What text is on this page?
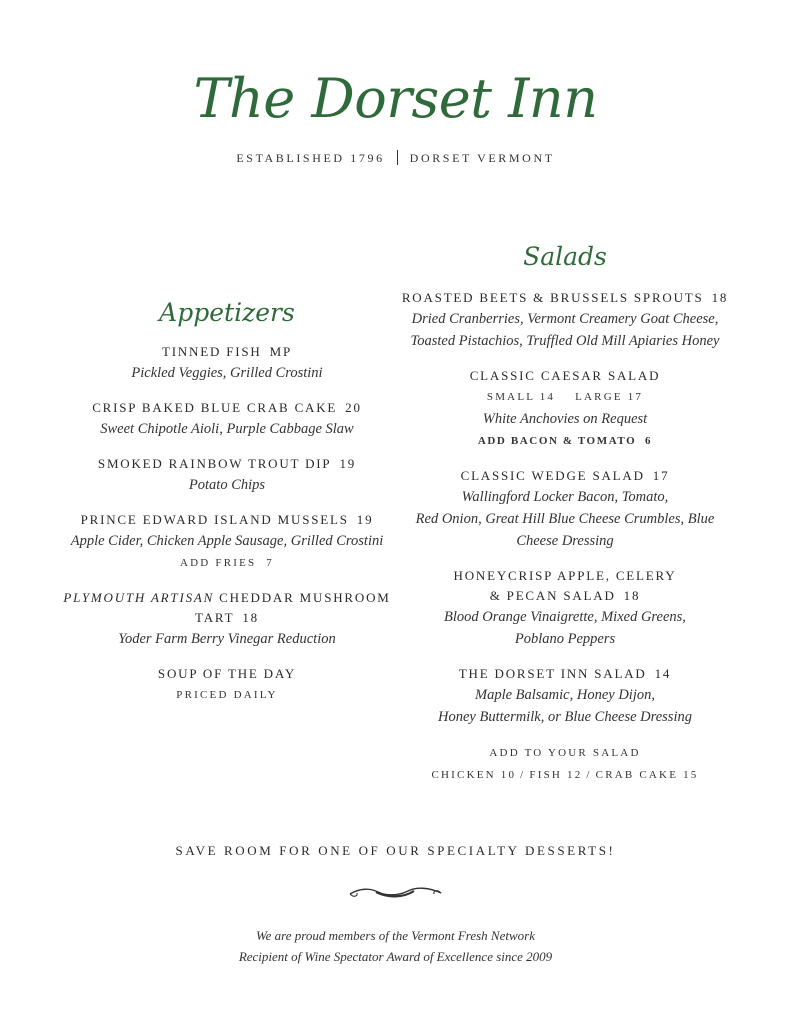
The Dorset Inn
ESTABLISHED 1796 DORSET VERMONT
Appetizers
TINNED FISH MP
Pickled Veggies, Grilled Crostini
CRISP BAKED BLUE CRAB CAKE 20
Sweet Chipotle Aioli, Purple Cabbage Slaw
SMOKED RAINBOW TROUT DIP 19
Potato Chips
PRINCE EDWARD ISLAND MUSSELS 19
Apple Cider, Chicken Apple Sausage, Grilled Crostini
ADD FRIES 7
PLYMOUTH ARTISAN CHEDDAR MUSHROOM TART 18
Yoder Farm Berry Vinegar Reduction
SOUP OF THE DAY
PRICED DAILY
Salads
ROASTED BEETS & BRUSSELS SPROUTS 18
Dried Cranberries, Vermont Creamery Goat Cheese,
Toasted Pistachios, Truffled Old Mill Apiaries Honey
CLASSIC CAESAR SALAD
SMALL 14 LARGE 17
White Anchovies on Request
ADD BACON & TOMATO 6
CLASSIC WEDGE SALAD 17
Wallingford Locker Bacon, Tomato,
Red Onion, Great Hill Blue Cheese Crumbles, Blue
Cheese Dressing
HONEYCRISP APPLE, CELERY
& PECAN SALAD 18
Blood Orange Vinaigrette, Mixed Greens,
Poblano Peppers
THE DORSET INN SALAD 14
Maple Balsamic, Honey Dijon,
Honey Buttermilk, or Blue Cheese Dressing
ADD TO YOUR SALAD
CHICKEN 10 / FISH 12 / CRAB CAKE 15
SAVE ROOM FOR ONE OF OUR SPECIALTY DESSERTS!
We are proud members of the Vermont Fresh Network
Recipient of Wine Spectator Award of Excellence since 2009
